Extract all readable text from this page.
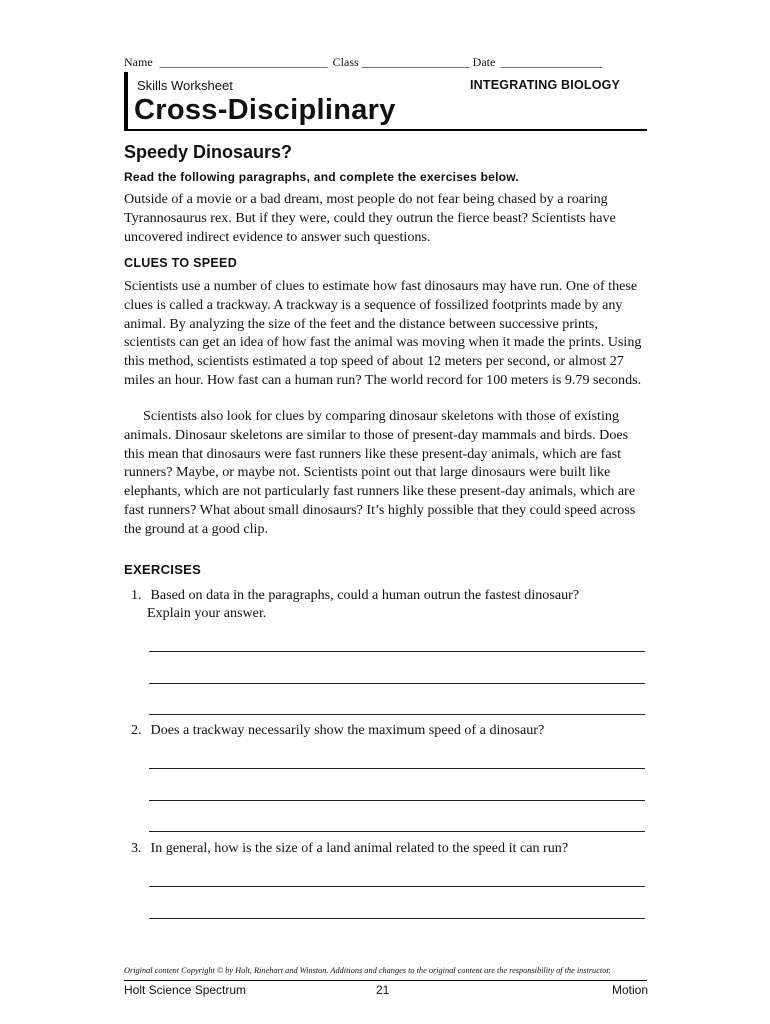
Name ____________________________ Class __________________ Date _________________
Skills Worksheet	INTEGRATING BIOLOGY
Cross-Disciplinary
Speedy Dinosaurs?
Read the following paragraphs, and complete the exercises below.
Outside of a movie or a bad dream, most people do not fear being chased by a roaring Tyrannosaurus rex. But if they were, could they outrun the fierce beast? Scientists have uncovered indirect evidence to answer such questions.
CLUES TO SPEED
Scientists use a number of clues to estimate how fast dinosaurs may have run. One of these clues is called a trackway. A trackway is a sequence of fossilized footprints made by any animal. By analyzing the size of the feet and the distance between successive prints, scientists can get an idea of how fast the animal was moving when it made the prints. Using this method, scientists estimated a top speed of about 12 meters per second, or almost 27 miles an hour. How fast can a human run? The world record for 100 meters is 9.79 seconds.
Scientists also look for clues by comparing dinosaur skeletons with those of existing animals. Dinosaur skeletons are similar to those of present-day mammals and birds. Does this mean that dinosaurs were fast runners like these present-day animals, which are fast runners? Maybe, or maybe not. Scientists point out that large dinosaurs were built like elephants, which are not particularly fast runners like these present-day animals, which are fast runners? What about small dinosaurs? It’s highly possible that they could speed across the ground at a good clip.
EXERCISES
1. Based on data in the paragraphs, could a human outrun the fastest dinosaur?
Explain your answer.
2. Does a trackway necessarily show the maximum speed of a dinosaur?
3. In general, how is the size of a land animal related to the speed it can run?
Original content Copyright © by Holt, Rinehart and Winston. Additions and changes to the original content are the responsibility of the instructor.
Holt Science Spectrum	21	Motion
